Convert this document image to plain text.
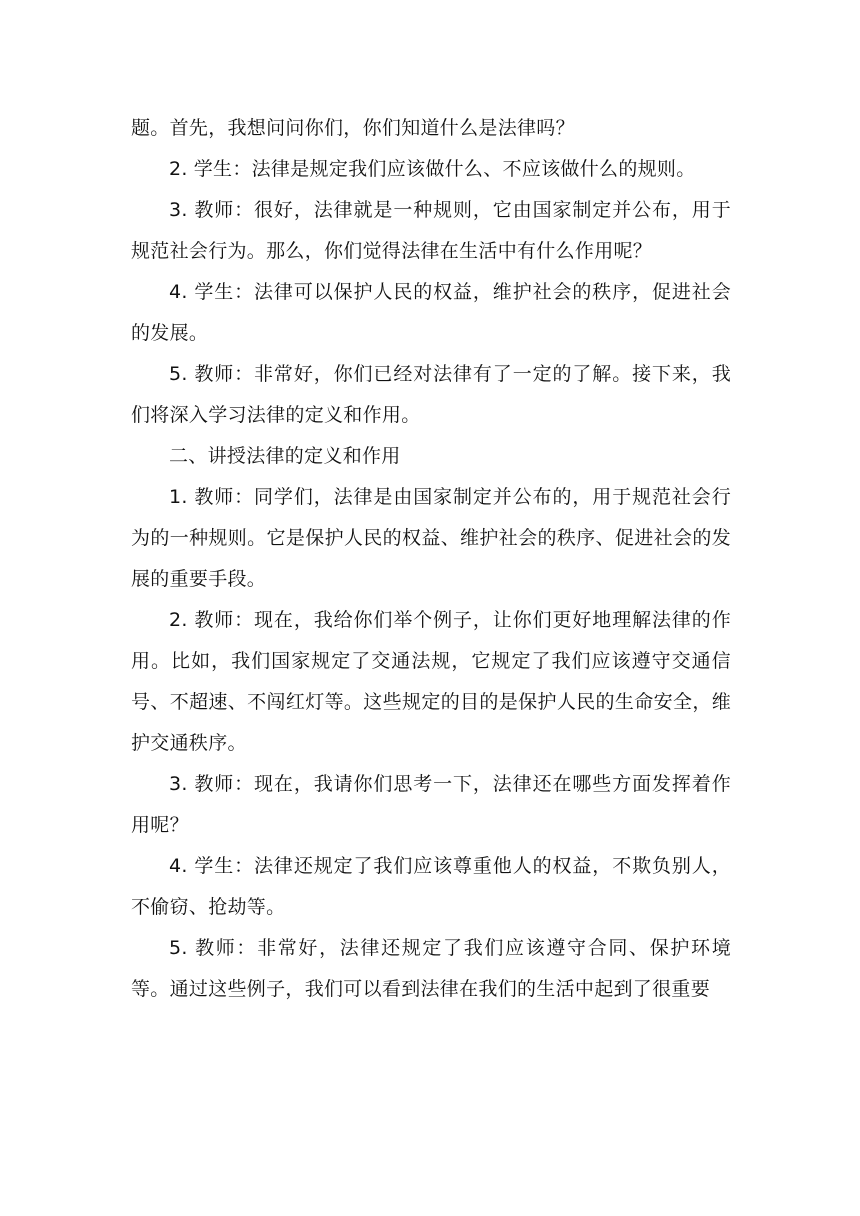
题。首先，我想问问你们，你们知道什么是法律吗？

2. 学生：法律是规定我们应该做什么、不应该做什么的规则。

3. 教师：很好，法律就是一种规则，它由国家制定并公布，用于规范社会行为。那么，你们觉得法律在生活中有什么作用呢？

4. 学生：法律可以保护人民的权益，维护社会的秩序，促进社会的发展。

5. 教师：非常好，你们已经对法律有了一定的了解。接下来，我们将深入学习法律的定义和作用。

二、讲授法律的定义和作用

1. 教师：同学们，法律是由国家制定并公布的，用于规范社会行为的一种规则。它是保护人民的权益、维护社会的秩序、促进社会的发展的重要手段。

2. 教师：现在，我给你们举个例子，让你们更好地理解法律的作用。比如，我们国家规定了交通法规，它规定了我们应该遵守交通信号、不超速、不闯红灯等。这些规定的目的是保护人民的生命安全，维护交通秩序。

3. 教师：现在，我请你们思考一下，法律还在哪些方面发挥着作用呢？

4. 学生：法律还规定了我们应该尊重他人的权益，不欺负别人，不偷窃、抢劫等。

5. 教师：非常好，法律还规定了我们应该遵守合同、保护环境等。通过这些例子，我们可以看到法律在我们的生活中起到了很重要
